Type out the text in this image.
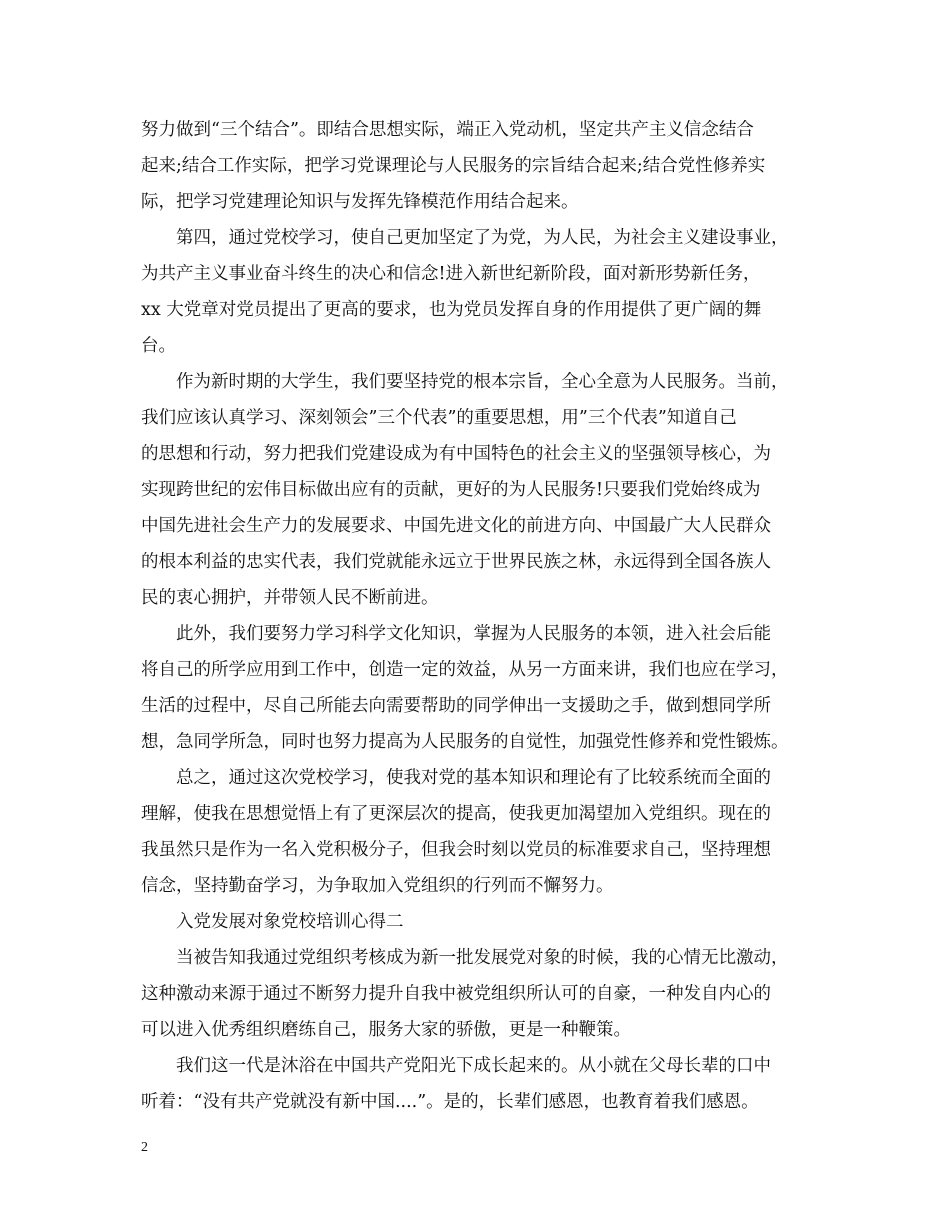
努力做到“三个结合”。即结合思想实际，端正入党动机，坚定共产主义信念结合
起来;结合工作实际，把学习党课理论与人民服务的宗旨结合起来;结合党性修养实
际，把学习党建理论知识与发挥先锋模范作用结合起来。
第四，通过党校学习，使自己更加坚定了为党，为人民，为社会主义建设事业，
为共产主义事业奋斗终生的决心和信念!进入新世纪新阶段，面对新形势新任务，
xx 大党章对党员提出了更高的要求，也为党员发挥自身的作用提供了更广阔的舞
台。
作为新时期的大学生，我们要坚持党的根本宗旨，全心全意为人民服务。当前，
我们应该认真学习、深刻领会”三个代表”的重要思想，用”三个代表”知道自己
的思想和行动，努力把我们党建设成为有中国特色的社会主义的坚强领导核心，为
实现跨世纪的宏伟目标做出应有的贡献，更好的为人民服务!只要我们党始终成为
中国先进社会生产力的发展要求、中国先进文化的前进方向、中国最广大人民群众
的根本利益的忠实代表，我们党就能永远立于世界民族之林，永远得到全国各族人
民的衷心拥护，并带领人民不断前进。
此外，我们要努力学习科学文化知识，掌握为人民服务的本领，进入社会后能
将自己的所学应用到工作中，创造一定的效益，从另一方面来讲，我们也应在学习，
生活的过程中，尽自己所能去向需要帮助的同学伸出一支援助之手，做到想同学所
想，急同学所急，同时也努力提高为人民服务的自觉性，加强党性修养和党性锻炼。
总之，通过这次党校学习，使我对党的基本知识和理论有了比较系统而全面的
理解，使我在思想觉悟上有了更深层次的提高，使我更加渴望加入党组织。现在的
我虽然只是作为一名入党积极分子，但我会时刻以党员的标准要求自己，坚持理想
信念，坚持勤奋学习，为争取加入党组织的行列而不懈努力。
入党发展对象党校培训心得二
当被告知我通过党组织考核成为新一批发展党对象的时候，我的心情无比激动，
这种激动来源于通过不断努力提升自我中被党组织所认可的自豪，一种发自内心的
可以进入优秀组织磨练自己，服务大家的骄傲，更是一种鞭策。
我们这一代是沐浴在中国共产党阳光下成长起来的。从小就在父母长辈的口中
听着：“没有共产党就没有新中国....”。是的，长辈们感恩，也教育着我们感恩。
2
